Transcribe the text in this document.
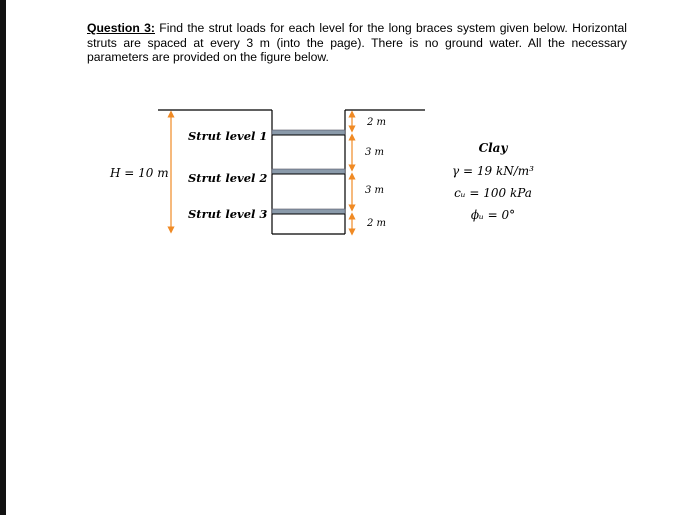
Question 3: Find the strut loads for each level for the long braces system given below. Horizontal struts are spaced at every 3 m (into the page). There is no ground water. All the necessary parameters are provided on the figure below.
H = 10 m
Strut level 1
Strut level 2
Strut level 3
2 m
3 m
3 m
2 m
Clay
γ = 19 kN/m³
cᵤ = 100 kPa
ϕᵤ = 0°
